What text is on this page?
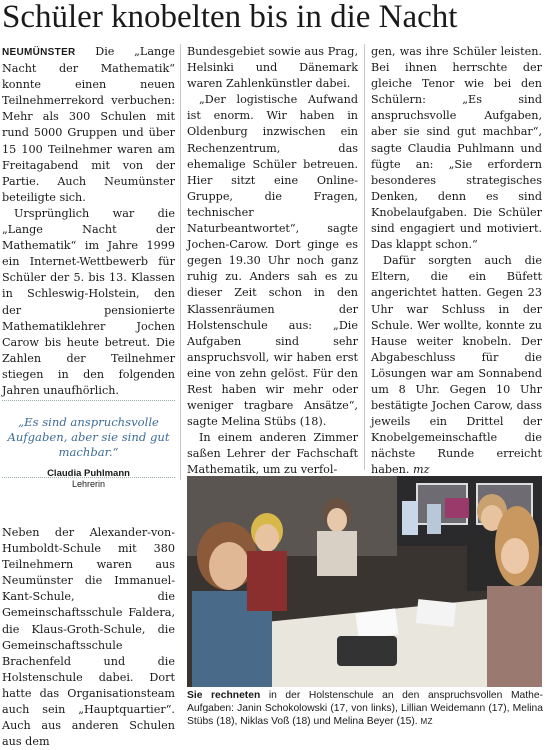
Schüler knobelten bis in die Nacht

NEUMÜNSTER Die „Lange Nacht der Mathematik“ konnte einen neuen Teilnehmerrekord verbuchen: Mehr als 300 Schulen mit rund 5000 Gruppen und über 15 100 Teilnehmer waren am Freitagabend mit von der Partie. Auch Neumünster beteiligte sich.

Ursprünglich war die „Lange Nacht der Mathematik“ im Jahre 1999 ein Internet-Wettbewerb für Schüler der 5. bis 13. Klassen in Schleswig-Holstein, den der pensionierte Mathematiklehrer Jochen Carow bis heute betreut. Die Zahlen der Teilnehmer stiegen in den folgenden Jahren unaufhörlich.

„Es sind anspruchsvolle Aufgaben, aber sie sind gut machbar.“
Claudia Puhlmann
Lehrerin

Neben der Alexander-von-Humboldt-Schule mit 380 Teilnehmern waren aus Neumünster die Immanuel-Kant-Schule, die Gemeinschaftsschule Faldera, die Klaus-Groth-Schule, die Gemeinschaftsschule Brachenfeld und die Holstenschule dabei. Dort hatte das Organisationsteam auch sein „Hauptquartier“. Auch aus anderen Schulen aus dem

Bundesgebiet sowie aus Prag, Helsinki und Dänemark waren Zahlenkünstler dabei.

„Der logistische Aufwand ist enorm. Wir haben in Oldenburg inzwischen ein Rechenzentrum, das ehemalige Schüler betreuen. Hier sitzt eine Online-Gruppe, die Fragen, technischer Naturbeantwortet“, sagte Jochen-Carow. Dort ginge es gegen 19.30 Uhr noch ganz ruhig zu. Anders sah es zu dieser Zeit schon in den Klassenräumen der Holstenschule aus: „Die Aufgaben sind sehr anspruchsvoll, wir haben erst eine von zehn gelöst. Für den Rest haben wir mehr oder weniger tragbare Ansätze“, sagte Melina Stübs (18).

In einem anderen Zimmer saßen Lehrer der Fachschaft Mathematik, um zu verfol-

gen, was ihre Schüler leisten. Bei ihnen herrschte der gleiche Tenor wie bei den Schülern: „Es sind anspruchsvolle Aufgaben, aber sie sind gut machbar“, sagte Claudia Puhlmann und fügte an: „Sie erfordern besonderes strategisches Denken, denn es sind Knobelaufgaben. Die Schüler sind engagiert und motiviert. Das klappt schon.“

Dafür sorgten auch die Eltern, die ein Büfett angerichtet hatten. Gegen 23 Uhr war Schluss in der Schule. Wer wollte, konnte zu Hause weiter knobeln. Der Abgabeschluss für die Lösungen war am Sonnabend um 8 Uhr. Gegen 10 Uhr bestätigte Jochen Carow, dass jeweils ein Drittel der Knobelgemeinschaftle die nächste Runde erreicht haben. mz

Sie rechneten in der Holstenschule an den anspruchsvollen Mathe-Aufgaben: Janin Schokolowski (17, von links), Lillian Weidemann (17), Melina Stübs (18), Niklas Voß (18) und Melina Beyer (15). MZ
